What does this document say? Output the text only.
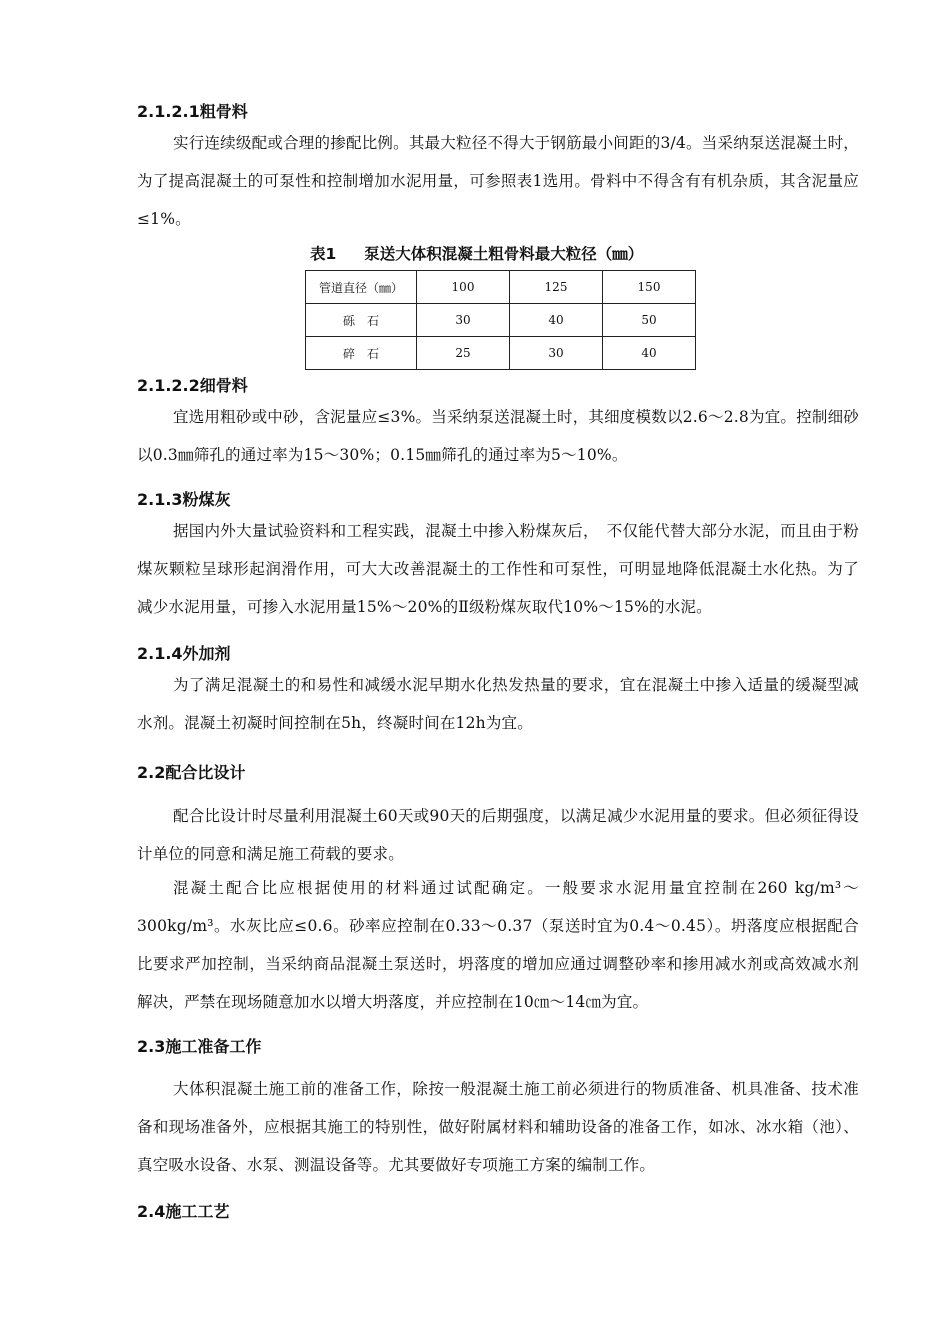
2.1.2.1粗骨料

实行连续级配或合理的掺配比例。其最大粒径不得大于钢筋最小间距的3/4。当采纳泵送混凝土时，为了提高混凝土的可泵性和控制增加水泥用量，可参照表1选用。骨料中不得含有有机杂质，其含泥量应≤1%。

表1 泵送大体积混凝土粗骨料最大粒径（㎜）
管道直径（㎜）	100	125	150
砾　石	30	40	50
碎　石	25	30	40
2.1.2.2细骨料

宜选用粗砂或中砂，含泥量应≤3%。当采纳泵送混凝土时，其细度模数以2.6～2.8为宜。控制细砂以0.3㎜筛孔的通过率为15～30%；0.15㎜筛孔的通过率为5～10%。

2.1.3粉煤灰

据国内外大量试验资料和工程实践，混凝土中掺入粉煤灰后，　不仅能代替大部分水泥，而且由于粉煤灰颗粒呈球形起润滑作用，可大大改善混凝土的工作性和可泵性，可明显地降低混凝土水化热。为了减少水泥用量，可掺入水泥用量15%～20%的Ⅱ级粉煤灰取代10%～15%的水泥。

2.1.4外加剂

为了满足混凝土的和易性和减缓水泥早期水化热发热量的要求，宜在混凝土中掺入适量的缓凝型减水剂。混凝土初凝时间控制在5h，终凝时间在12h为宜。

2.2配合比设计

配合比设计时尽量利用混凝土60天或90天的后期强度，以满足减少水泥用量的要求。但必须征得设计单位的同意和满足施工荷载的要求。

混凝土配合比应根据使用的材料通过试配确定。一般要求水泥用量宜控制在260 kg/m³～300kg/m³。水灰比应≤0.6。砂率应控制在0.33～0.37（泵送时宜为0.4～0.45）。坍落度应根据配合比要求严加控制，当采纳商品混凝土泵送时，坍落度的增加应通过调整砂率和掺用减水剂或高效减水剂解决，严禁在现场随意加水以增大坍落度，并应控制在10㎝～14㎝为宜。

2.3施工准备工作

大体积混凝土施工前的准备工作，除按一般混凝土施工前必须进行的物质准备、机具准备、技术准备和现场准备外，应根据其施工的特别性，做好附属材料和辅助设备的准备工作，如冰、冰水箱（池）、真空吸水设备、水泵、测温设备等。尤其要做好专项施工方案的编制工作。

2.4施工工艺
